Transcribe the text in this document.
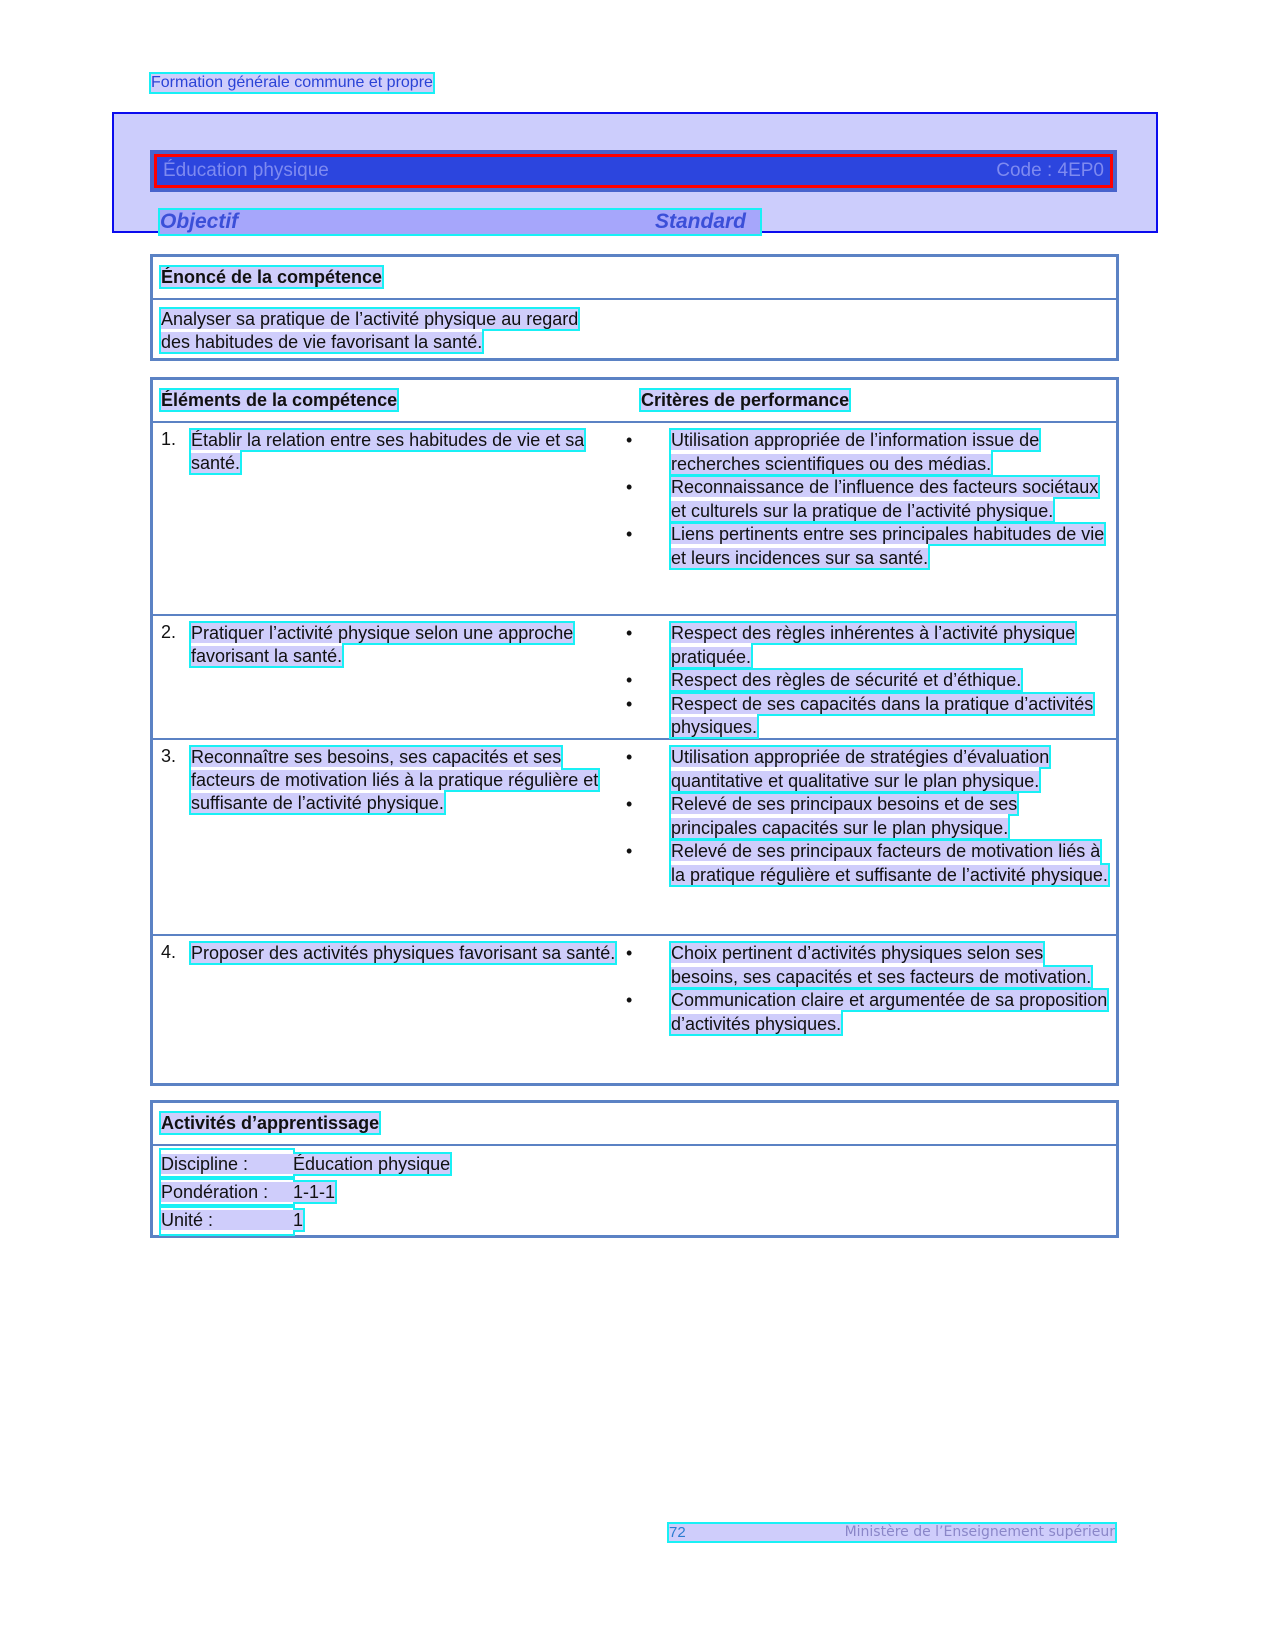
Formation générale commune et propre
Éducation physique	Code : 4EP0
Objectif	Standard
Énoncé de la compétence
Analyser sa pratique de l’activité physique au regard des habitudes de vie favorisant la santé.
Éléments de la compétence	Critères de performance
1. Établir la relation entre ses habitudes de vie et sa santé.
•	Utilisation appropriée de l’information issue de recherches scientifiques ou des médias.
•	Reconnaissance de l’influence des facteurs sociétaux et culturels sur la pratique de l’activité physique.
•	Liens pertinents entre ses principales habitudes de vie et leurs incidences sur sa santé.
2. Pratiquer l’activité physique selon une approche favorisant la santé.
•	Respect des règles inhérentes à l’activité physique pratiquée.
•	Respect des règles de sécurité et d’éthique.
•	Respect de ses capacités dans la pratique d’activités physiques.
3. Reconnaître ses besoins, ses capacités et ses facteurs de motivation liés à la pratique régulière et suffisante de l’activité physique.
•	Utilisation appropriée de stratégies d’évaluation quantitative et qualitative sur le plan physique.
•	Relevé de ses principaux besoins et de ses principales capacités sur le plan physique.
•	Relevé de ses principaux facteurs de motivation liés à la pratique régulière et suffisante de l’activité physique.
4. Proposer des activités physiques favorisant sa santé. •	Choix pertinent d’activités physiques selon ses besoins, ses capacités et ses facteurs de motivation.
•	Communication claire et argumentée de sa proposition d’activités physiques.
Activités d’apprentissage
Discipline : Éducation physique
Pondération : 1-1-1
Unité :	1
72	Ministère de l’Enseignement supérieur
